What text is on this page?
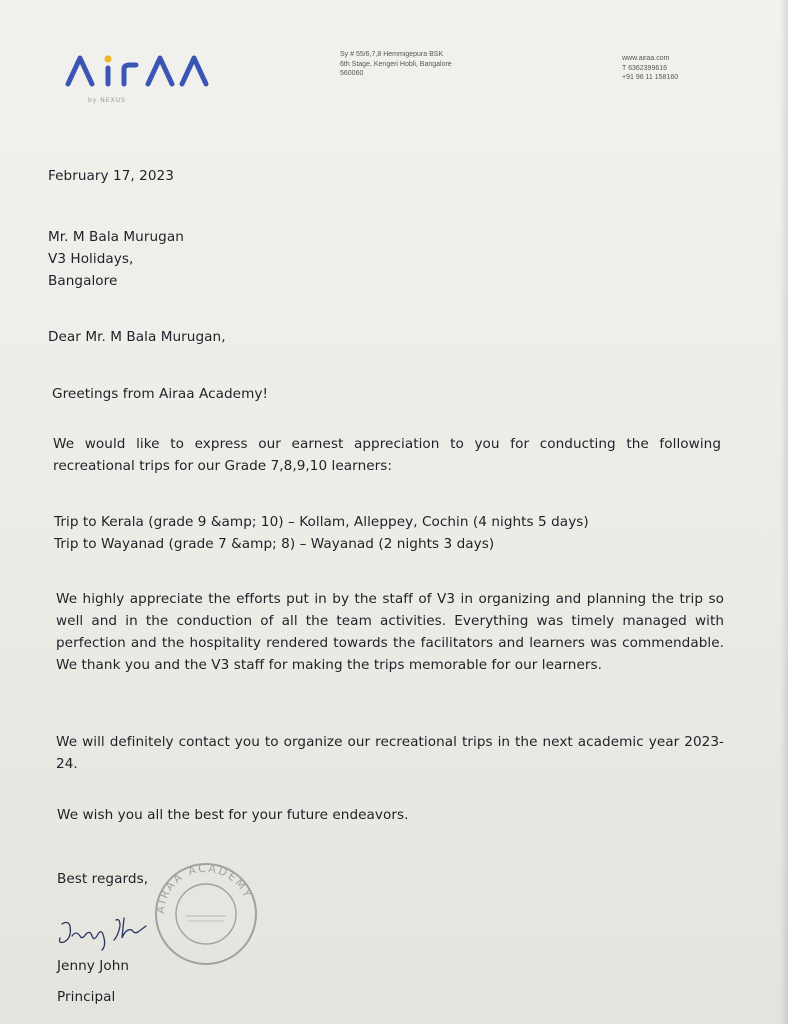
AIRAA	by NEXUS
Sy # 55/6,7,8 Hemmigepura BSK
6th Stage, Kengeri Hobli, Bangalore
560060
www.airaa.com
T 6362399616
+91 96 11 158160
February 17, 2023
Mr. M Bala Murugan
V3 Holidays,
Bangalore
Dear Mr. M Bala Murugan,
Greetings from Airaa Academy!
We would like to express our earnest appreciation to you for conducting the following recreational trips for our Grade 7,8,9,10 learners:
Trip to Kerala (grade 9 &amp; 10) – Kollam, Alleppey, Cochin (4 nights 5 days)
Trip to Wayanad (grade 7 &amp; 8) – Wayanad (2 nights 3 days)
We highly appreciate the efforts put in by the staff of V3 in organizing and planning the trip so well and in the conduction of all the team activities. Everything was timely managed with perfection and the hospitality rendered towards the facilitators and learners was commendable. We thank you and the V3 staff for making the trips memorable for our learners.
We will definitely contact you to organize our recreational trips in the next academic year 2023-24.
We wish you all the best for your future endeavors.
Best regards,
AIRAA ACADEMY
Jenny John
Principal
